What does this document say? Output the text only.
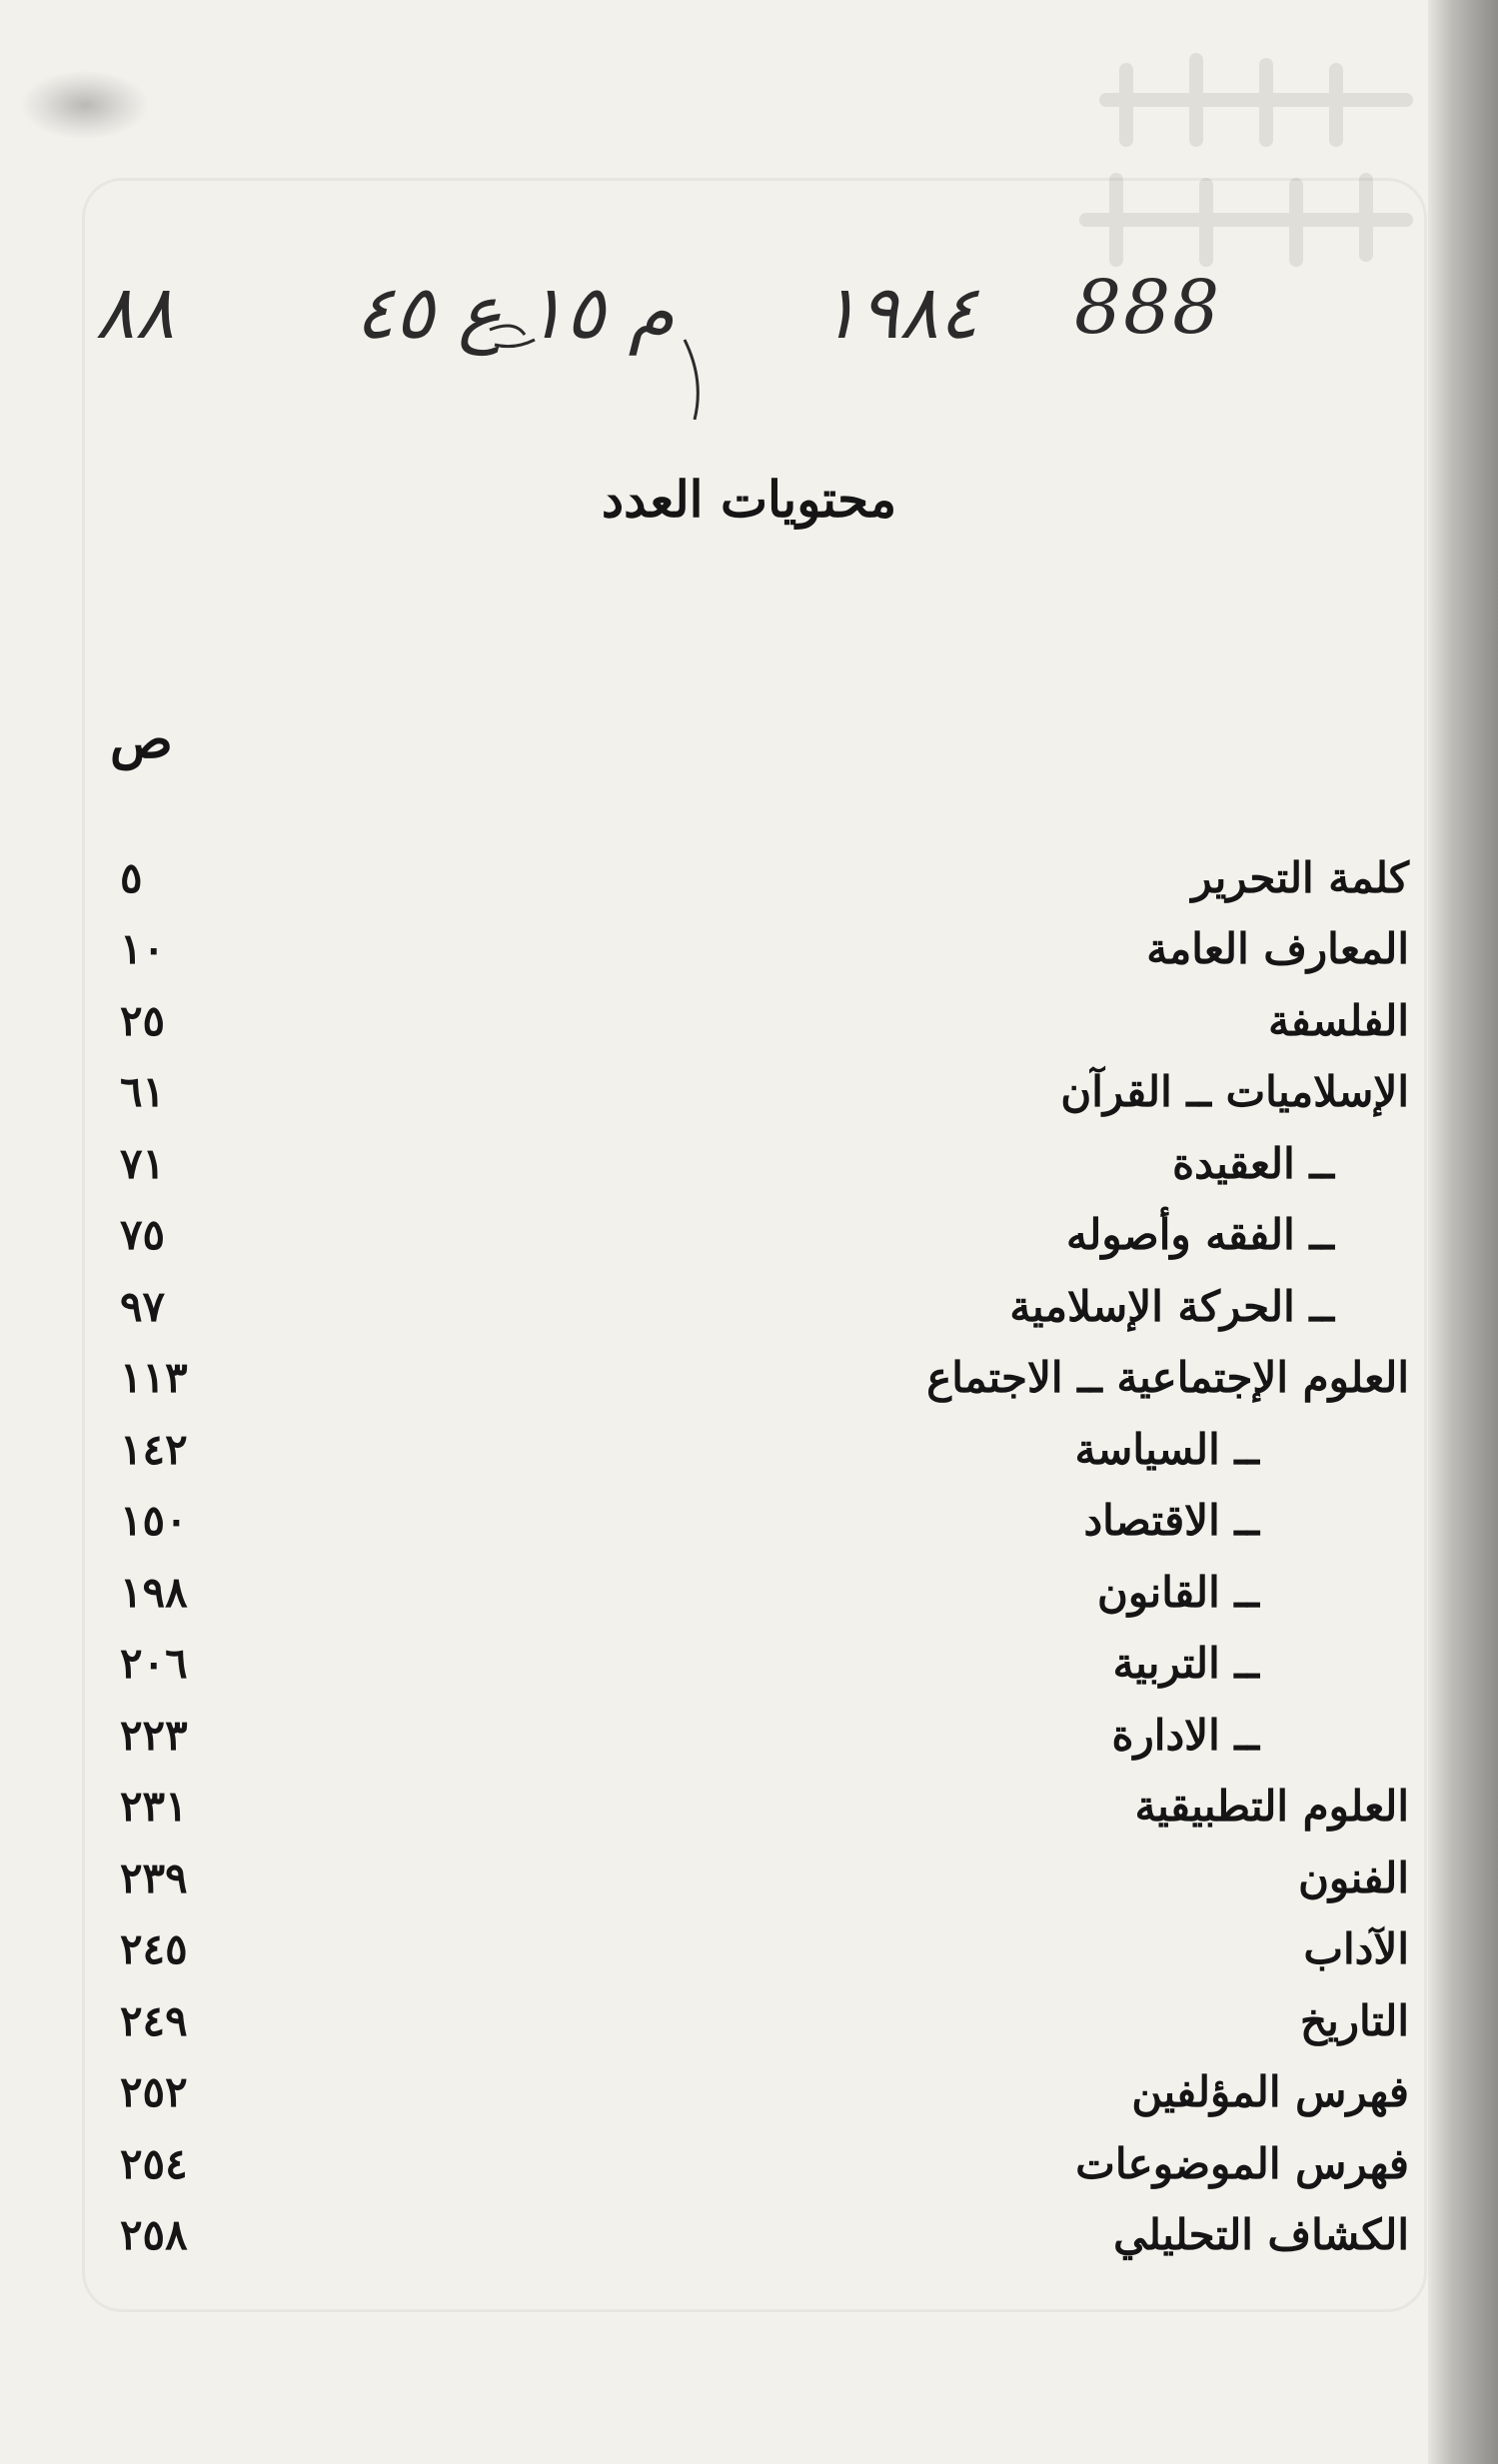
888
١٩٨٤
م ١٥ ع ٤٥
٨٨
محتويات العدد
ص
٥	كلمة التحرير
١٠	المعارف العامة
٢٥	الفلسفة
٦١	الإسلاميات ــ القرآن
٧١	ــ العقيدة
٧٥	ــ الفقه وأصوله
٩٧	ــ الحركة الإسلامية
١١٣	العلوم الإجتماعية ــ الاجتماع
١٤٢	ــ السياسة
١٥٠	ــ الاقتصاد
١٩٨	ــ القانون
٢٠٦	ــ التربية
٢٢٣	ــ الادارة
٢٣١	العلوم التطبيقية
٢٣٩	الفنون
٢٤٥	الآداب
٢٤٩	التاريخ
٢٥٢	فهرس المؤلفين
٢٥٤	فهرس الموضوعات
٢٥٨	الكشاف التحليلي
